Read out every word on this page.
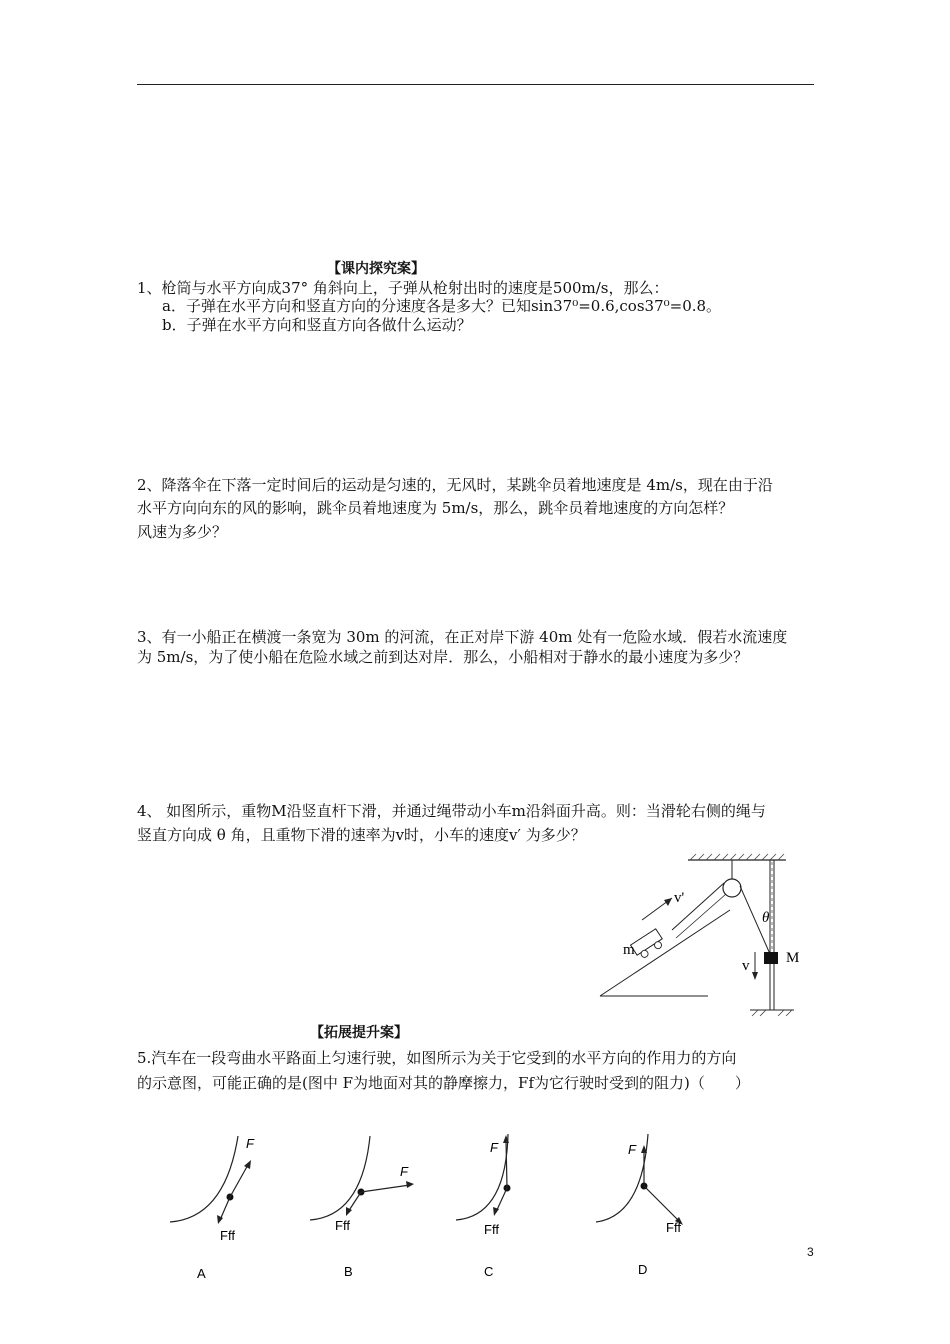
【课内探究案】
1、枪筒与水平方向成37° 角斜向上，子弹从枪射出时的速度是500m/s，那么：
a．子弹在水平方向和竖直方向的分速度各是多大？已知sin37⁰=0.6,cos37⁰=0.8。
b．子弹在水平方向和竖直方向各做什么运动？
2、降落伞在下落一定时间后的运动是匀速的，无风时，某跳伞员着地速度是 4m/s，现在由于沿
水平方向向东的风的影响，跳伞员着地速度为 5m/s，那么，跳伞员着地速度的方向怎样？
风速为多少？
3、有一小船正在横渡一条宽为 30m 的河流，在正对岸下游 40m 处有一危险水域．假若水流速度
为 5m/s，为了使小船在危险水域之前到达对岸．那么，小船相对于静水的最小速度为多少？
4、 如图所示，重物M沿竖直杆下滑，并通过绳带动小车m沿斜面升高。则：当滑轮右侧的绳与
竖直方向成 θ 角，且重物下滑的速率为v时，小车的速度v′ 为多少？
v'
θ
m	M
v
【拓展提升案】
5.汽车在一段弯曲水平路面上匀速行驶，如图所示为关于它受到的水平方向的作用力的方向
的示意图，可能正确的是(图中 F为地面对其的静摩擦力，Ff为它行驶时受到的阻力)（　　）
F
Fff
A
F
Fff
B
F
Fff
C
F
Fff
D
3
